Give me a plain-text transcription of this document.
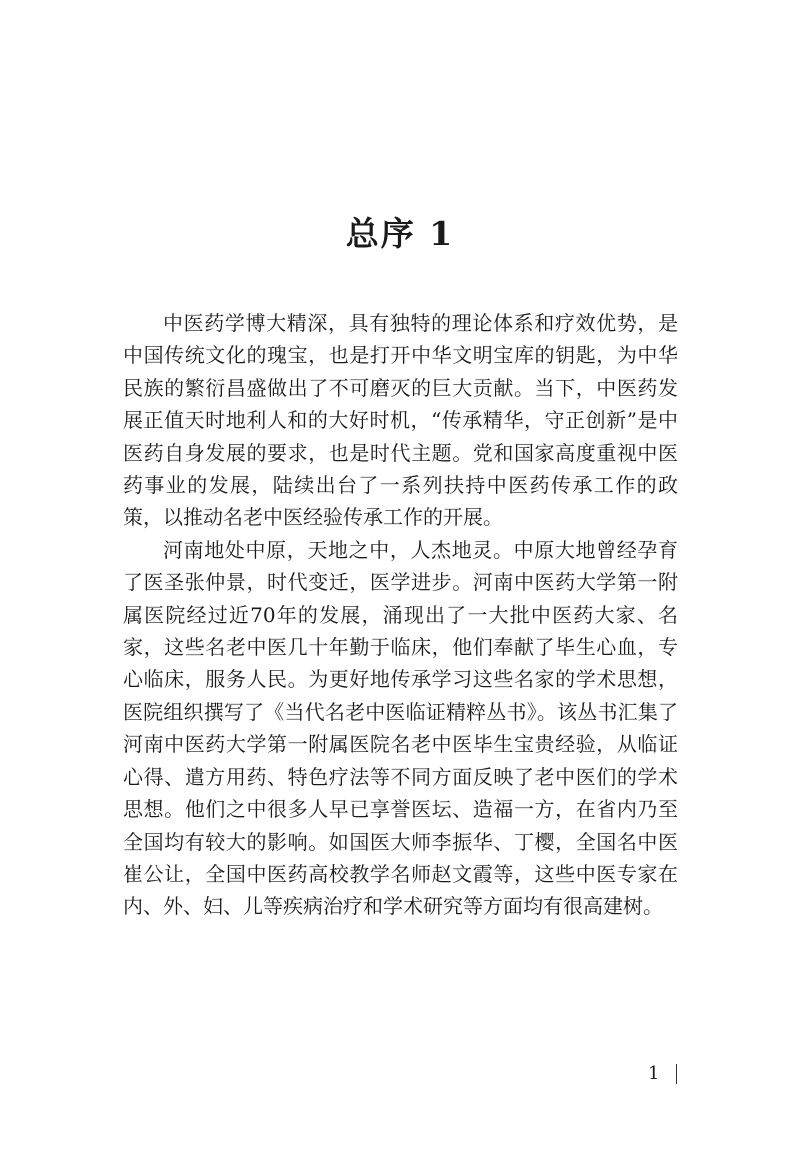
总序 1

中医药学博大精深，具有独特的理论体系和疗效优势，是中国传统文化的瑰宝，也是打开中华文明宝库的钥匙，为中华民族的繁衍昌盛做出了不可磨灭的巨大贡献。当下，中医药发展正值天时地利人和的大好时机，“传承精华，守正创新”是中医药自身发展的要求，也是时代主题。党和国家高度重视中医药事业的发展，陆续出台了一系列扶持中医药传承工作的政策，以推动名老中医经验传承工作的开展。

河南地处中原，天地之中，人杰地灵。中原大地曾经孕育了医圣张仲景，时代变迁，医学进步。河南中医药大学第一附属医院经过近70年的发展，涌现出了一大批中医药大家、名家，这些名老中医几十年勤于临床，他们奉献了毕生心血，专心临床，服务人民。为更好地传承学习这些名家的学术思想，医院组织撰写了《当代名老中医临证精粹丛书》。该丛书汇集了河南中医药大学第一附属医院名老中医毕生宝贵经验，从临证心得、遣方用药、特色疗法等不同方面反映了老中医们的学术思想。他们之中很多人早已享誉医坛、造福一方，在省内乃至全国均有较大的影响。如国医大师李振华、丁樱，全国名中医崔公让，全国中医药高校教学名师赵文霞等，这些中医专家在内、外、妇、儿等疾病治疗和学术研究等方面均有很高建树。

1
